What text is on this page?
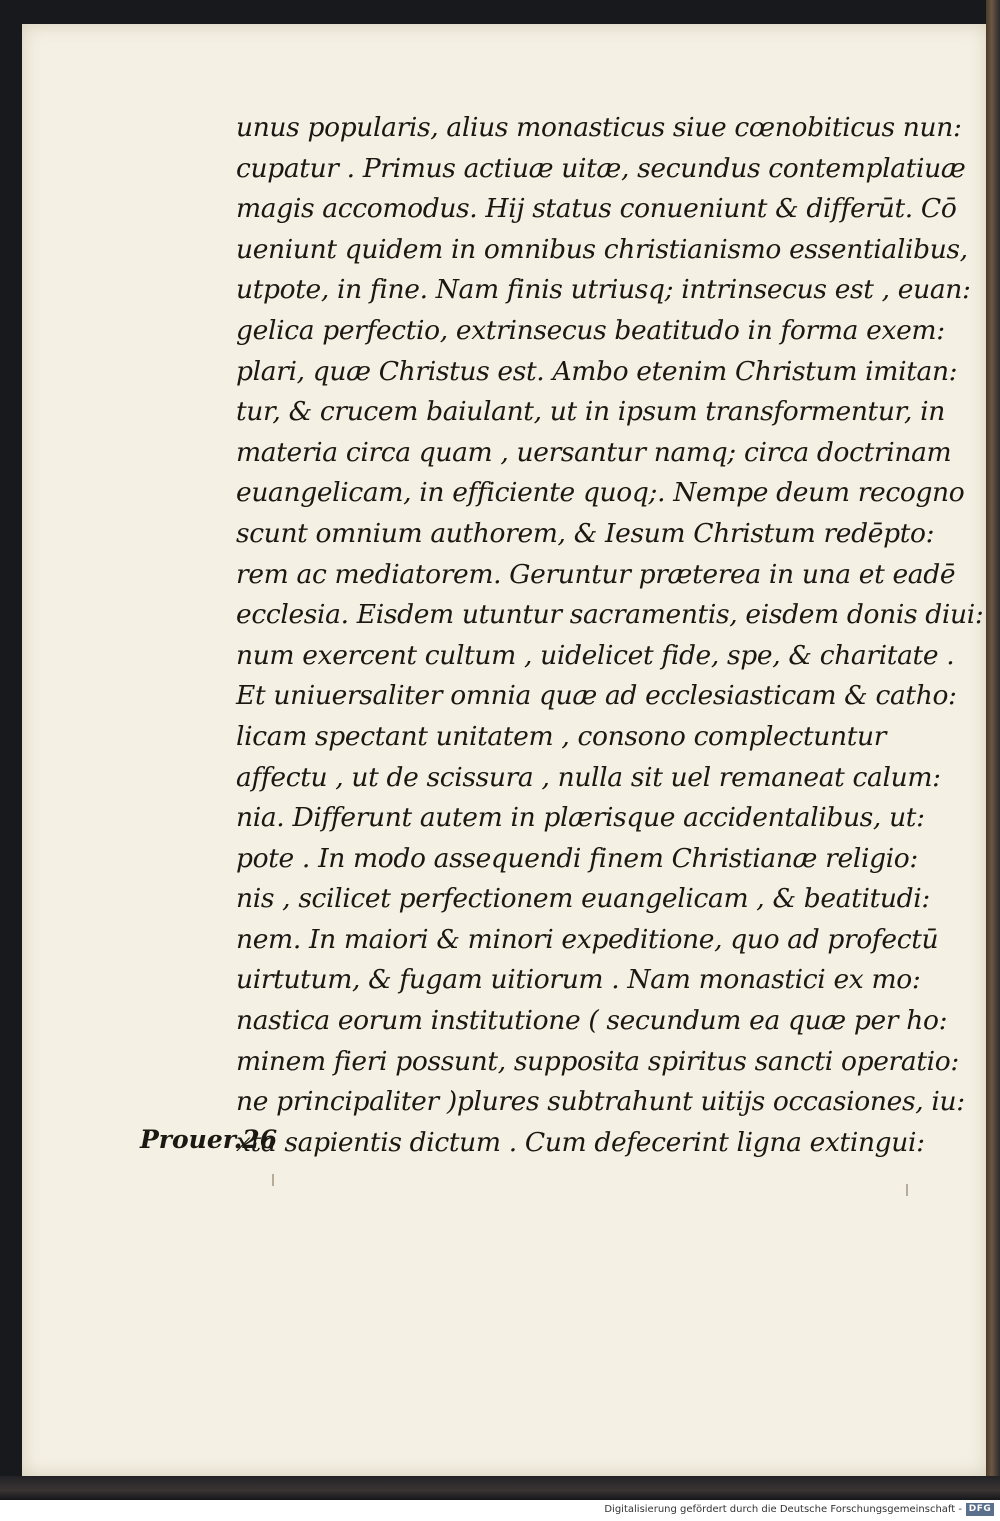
unus popularis, alius monasticus siue cœnobiticus nun:
cupatur . Primus actiuæ uitæ, secundus contemplatiuæ
magis accomodus. Hij status conueniunt & differūt. Cō
ueniunt quidem in omnibus christianismo essentialibus,
utpote, in fine. Nam finis utriusq; intrinsecus est , euan:
gelica perfectio, extrinsecus beatitudo in forma exem:
plari, quæ Christus est. Ambo etenim Christum imitan:
tur, & crucem baiulant, ut in ipsum transformentur, in
materia circa quam , uersantur namq; circa doctrinam
euangelicam, in efficiente quoq;. Nempe deum recogno
scunt omnium authorem, & Iesum Christum redēpto:
rem ac mediatorem. Geruntur præterea in una et eadē
ecclesia. Eisdem utuntur sacramentis, eisdem donis diui:
num exercent cultum , uidelicet fide, spe, & charitate .
Et uniuersaliter omnia quæ ad ecclesiasticam & catho:
licam spectant unitatem , consono complectuntur
affectu , ut de scissura , nulla sit uel remaneat calum:
nia. Differunt autem in plærisque accidentalibus, ut:
pote . In modo assequendi finem Christianæ religio:
nis , scilicet perfectionem euangelicam , & beatitudi:
nem. In maiori & minori expeditione, quo ad profectū
uirtutum, & fugam uitiorum . Nam monastici ex mo:
nastica eorum institutione ( secundum ea quæ per ho:
minem fieri possunt, supposita spiritus sancti operatio:
ne principaliter )plures subtrahunt uitijs occasiones, iu:
xta sapientis dictum . Cum defecerint ligna extingui:
Prouer.26
Digitalisierung gefördert durch die Deutsche Forschungsgemeinschaft - DFG
